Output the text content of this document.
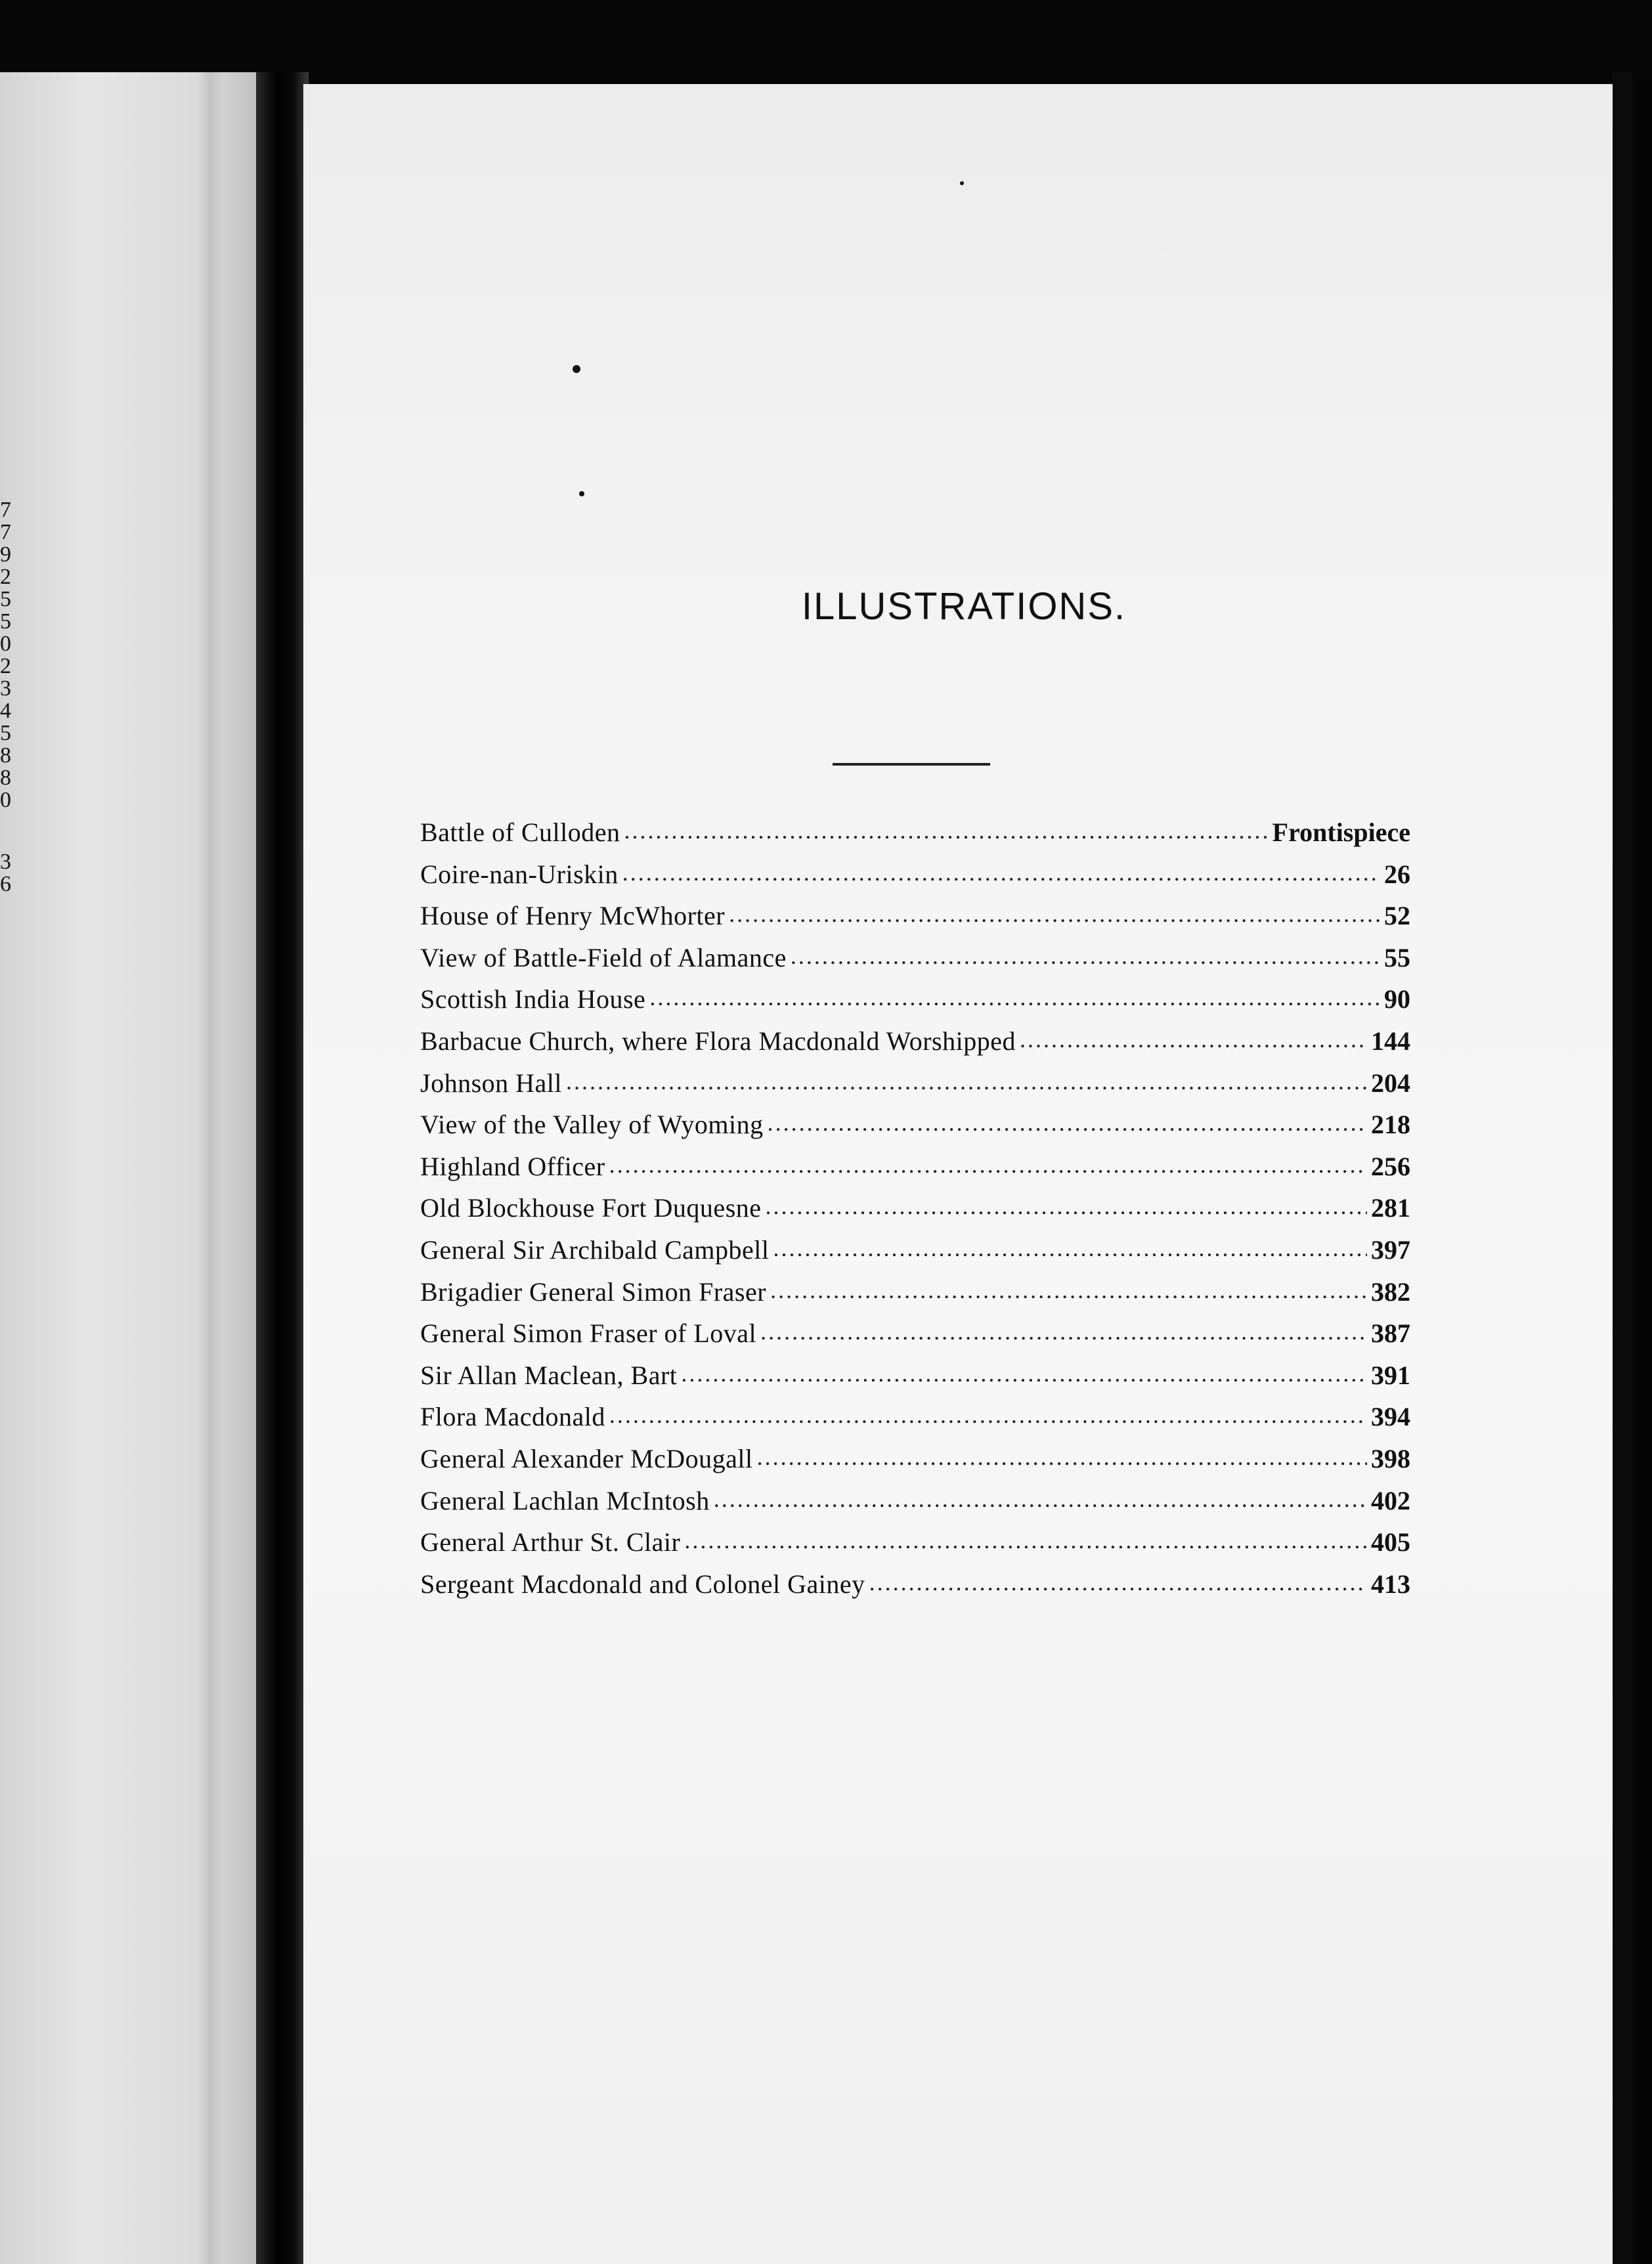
7
7
9
2
5
5
0
2
3
4
5
8
8
0
3
6
ILLUSTRATIONS.
Battle of Culloden . . .	Frontispiece
Coire-nan-Uriskin . . .	26
House of Henry McWhorter . . .	52
View of Battle-Field of Alamance . . .	55
Scottish India House . . .	90
Barbacue Church, where Flora Macdonald Worshipped . . .	144
Johnson Hall . . .	204
View of the Valley of Wyoming . . .	218
Highland Officer . . .	256
Old Blockhouse Fort Duquesne . . .	281
General Sir Archibald Campbell . . .	397
Brigadier General Simon Fraser . . .	382
General Simon Fraser of Loval . . .	387
Sir Allan Maclean, Bart . . .	391
Flora Macdonald . . .	394
General Alexander McDougall . . .	398
General Lachlan McIntosh . . .	402
General Arthur St. Clair . . .	405
Sergeant Macdonald and Colonel Gainey . . .	413
